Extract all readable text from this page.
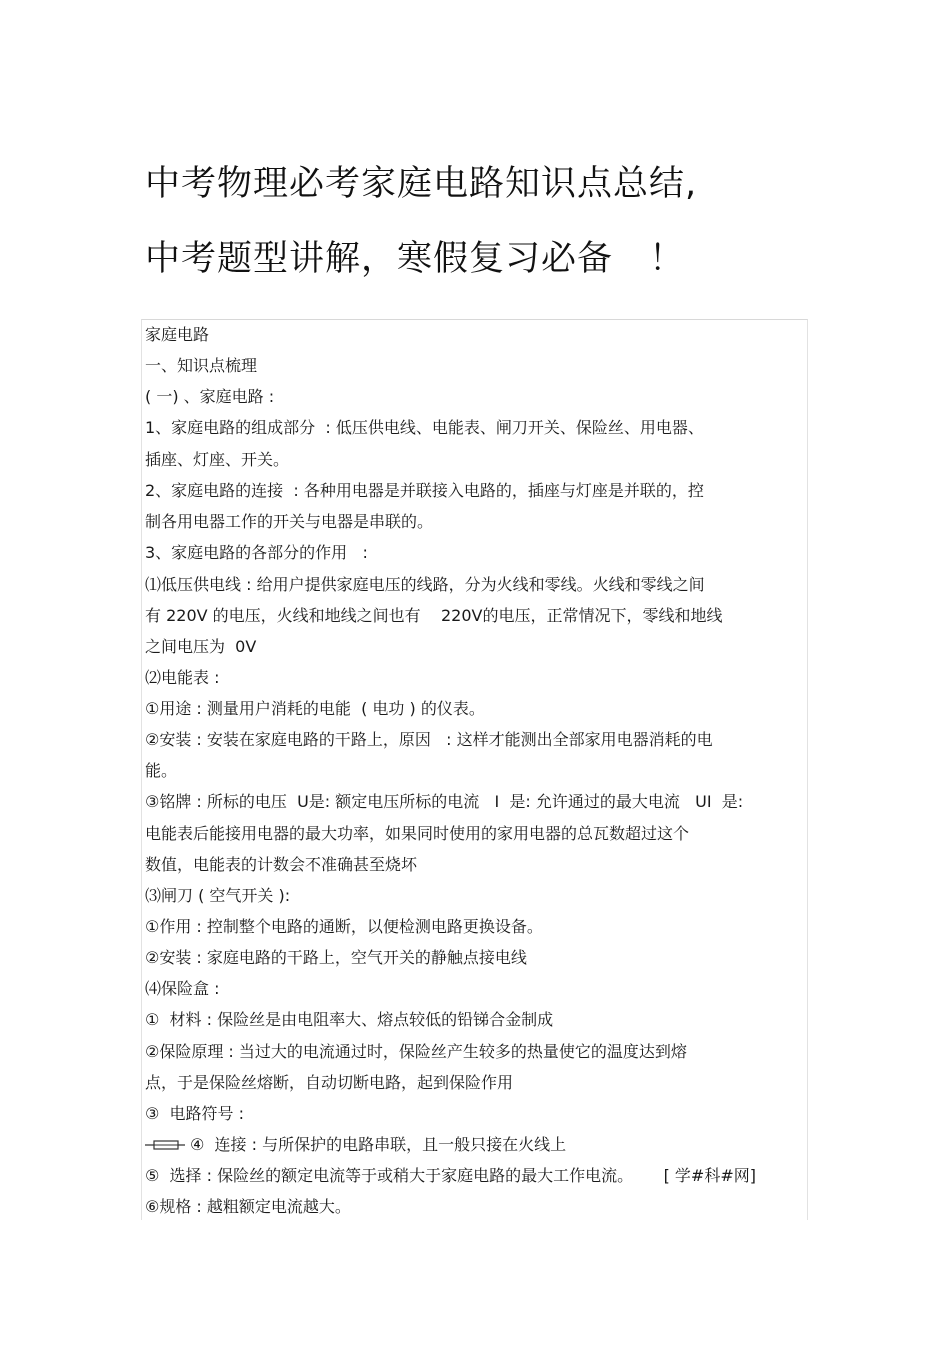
中考物理必考家庭电路知识点总结,
中考题型讲解，寒假复习必备　！
家庭电路
一、知识点梳理
( 一) 、家庭电路 :
1、家庭电路的组成部分  : 低压供电线、电能表、闸刀开关、保险丝、用电器、
插座、灯座、开关。
2、家庭电路的连接  : 各种用电器是并联接入电路的，插座与灯座是并联的，控
制各用电器工作的开关与电器是串联的。
3、家庭电路的各部分的作用   :
⑴低压供电线 : 给用户提供家庭电压的线路，分为火线和零线。火线和零线之间
有 220V 的电压，火线和地线之间也有    220V的电压，正常情况下，零线和地线
之间电压为  0V
⑵电能表 :
①用途 : 测量用户消耗的电能  ( 电功 ) 的仪表。
②安装 : 安装在家庭电路的干路上，原因   : 这样才能测出全部家用电器消耗的电
能。
③铭牌 : 所标的电压  U是: 额定电压所标的电流   I  是: 允许通过的最大电流   UI  是:
电能表后能接用电器的最大功率，如果同时使用的家用电器的总瓦数超过这个
数值，电能表的计数会不准确甚至烧坏
⑶闸刀 ( 空气开关 ):
①作用 : 控制整个电路的通断，以便检测电路更换设备。
②安装 : 家庭电路的干路上，空气开关的静触点接电线
⑷保险盒 :
①  材料 : 保险丝是由电阻率大、熔点较低的铅锑合金制成
②保险原理 : 当过大的电流通过时，保险丝产生较多的热量使它的温度达到熔
点，于是保险丝熔断，自动切断电路，起到保险作用
③  电路符号 :
④  连接 : 与所保护的电路串联，且一般只接在火线上
⑤  选择 : 保险丝的额定电流等于或稍大于家庭电路的最大工作电流。      [ 学#科#网]
⑥规格 : 越粗额定电流越大。
